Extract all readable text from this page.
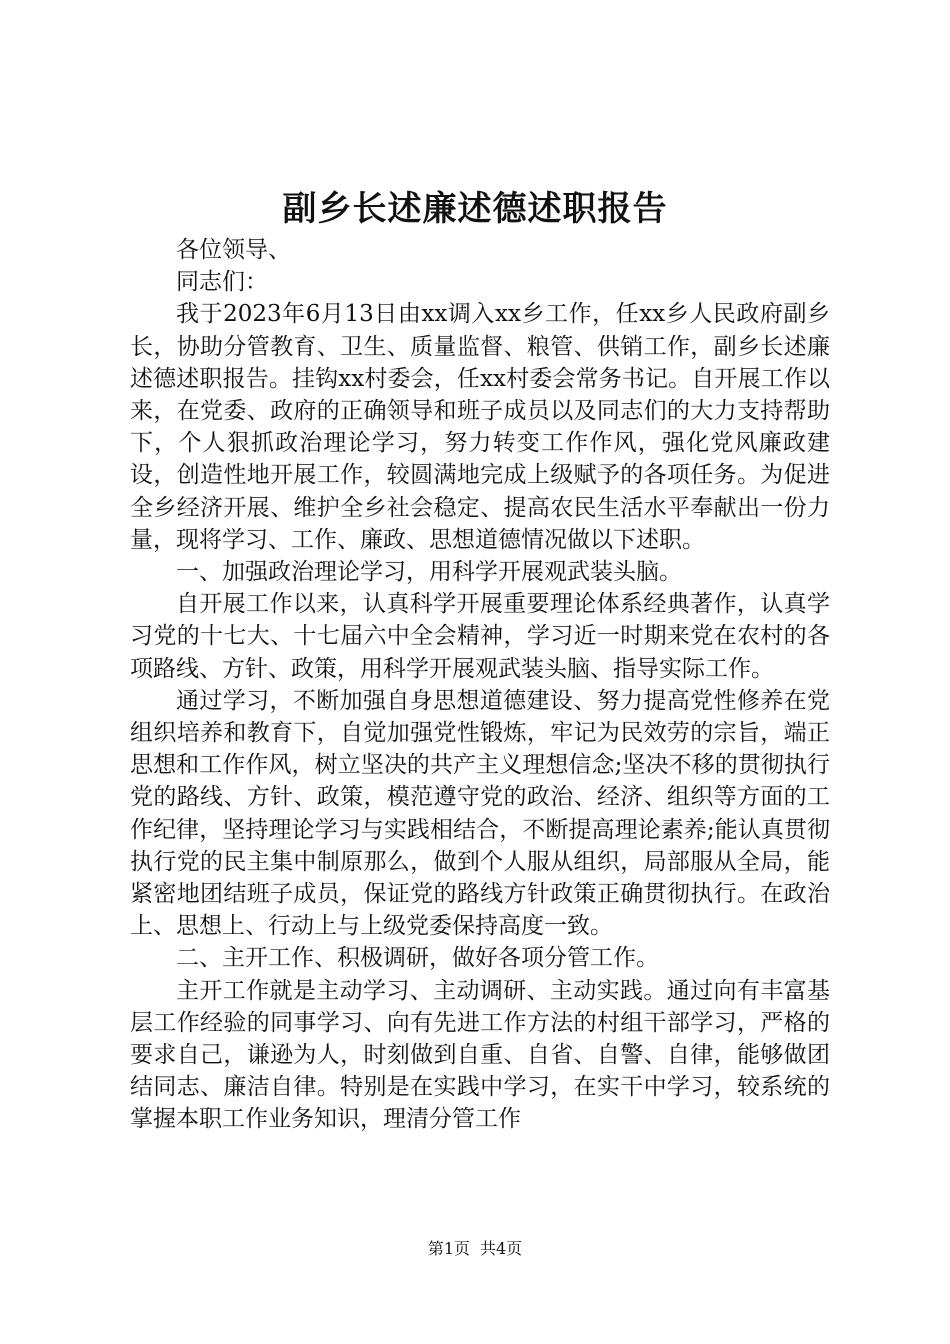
副乡长述廉述德述职报告

各位领导、

同志们：

我于2023年6月13日由xx调入xx乡工作，任xx乡人民政府副乡长，协助分管教育、卫生、质量监督、粮管、供销工作，副乡长述廉述德述职报告。挂钩xx村委会，任xx村委会常务书记。自开展工作以来，在党委、政府的正确领导和班子成员以及同志们的大力支持帮助下，个人狠抓政治理论学习，努力转变工作作风，强化党风廉政建设，创造性地开展工作，较圆满地完成上级赋予的各项任务。为促进全乡经济开展、维护全乡社会稳定、提高农民生活水平奉献出一份力量，现将学习、工作、廉政、思想道德情况做以下述职。

一、加强政治理论学习，用科学开展观武装头脑。

自开展工作以来，认真科学开展重要理论体系经典著作，认真学习党的十七大、十七届六中全会精神，学习近一时期来党在农村的各项路线、方针、政策，用科学开展观武装头脑、指导实际工作。

通过学习，不断加强自身思想道德建设、努力提高党性修养在党组织培养和教育下，自觉加强党性锻炼，牢记为民效劳的宗旨，端正思想和工作作风，树立坚决的共产主义理想信念;坚决不移的贯彻执行党的路线、方针、政策，模范遵守党的政治、经济、组织等方面的工作纪律，坚持理论学习与实践相结合，不断提高理论素养;能认真贯彻执行党的民主集中制原那么，做到个人服从组织，局部服从全局，能紧密地团结班子成员，保证党的路线方针政策正确贯彻执行。在政治上、思想上、行动上与上级党委保持高度一致。

二、主开工作、积极调研，做好各项分管工作。

主开工作就是主动学习、主动调研、主动实践。通过向有丰富基层工作经验的同事学习、向有先进工作方法的村组干部学习，严格的要求自己，谦逊为人，时刻做到自重、自省、自警、自律，能够做团结同志、廉洁自律。特别是在实践中学习，在实干中学习，较系统的掌握本职工作业务知识，理清分管工作

第1页 共4页
